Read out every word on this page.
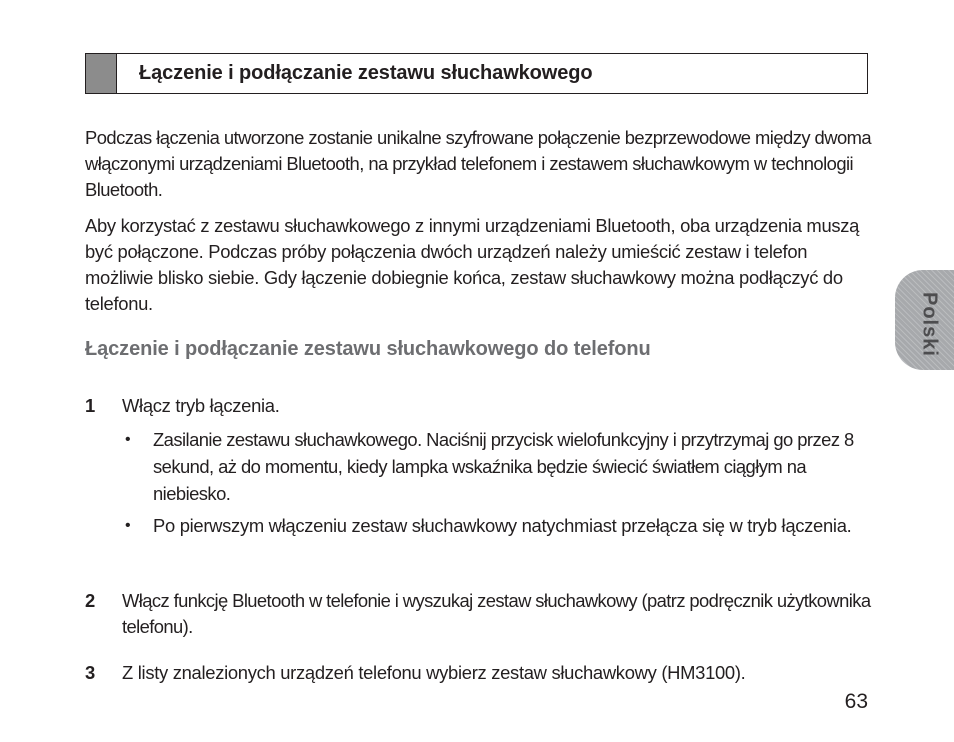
Łączenie i podłączanie zestawu słuchawkowego

Podczas łączenia utworzone zostanie unikalne szyfrowane połączenie bezprzewodowe między dwoma włączonymi urządzeniami Bluetooth, na przykład telefonem i zestawem słuchawkowym w technologii Bluetooth.

Aby korzystać z zestawu słuchawkowego z innymi urządzeniami Bluetooth, oba urządzenia muszą być połączone. Podczas próby połączenia dwóch urządzeń należy umieścić zestaw i telefon możliwie blisko siebie. Gdy łączenie dobiegnie końca, zestaw słuchawkowy można podłączyć do telefonu.

Łączenie i podłączanie zestawu słuchawkowego do telefonu
1 Włącz tryb łączenia.
• Zasilanie zestawu słuchawkowego. Naciśnij przycisk wielofunkcyjny i przytrzymaj go przez 8 sekund, aż do momentu, kiedy lampka wskaźnika będzie świecić światłem ciągłym na niebiesko.
• Po pierwszym włączeniu zestaw słuchawkowy natychmiast przełącza się w tryb łączenia.
2 Włącz funkcję Bluetooth w telefonie i wyszukaj zestaw słuchawkowy (patrz podręcznik użytkownika telefonu).
3 Z listy znalezionych urządzeń telefonu wybierz zestaw słuchawkowy (HM3100).
Polski
63
